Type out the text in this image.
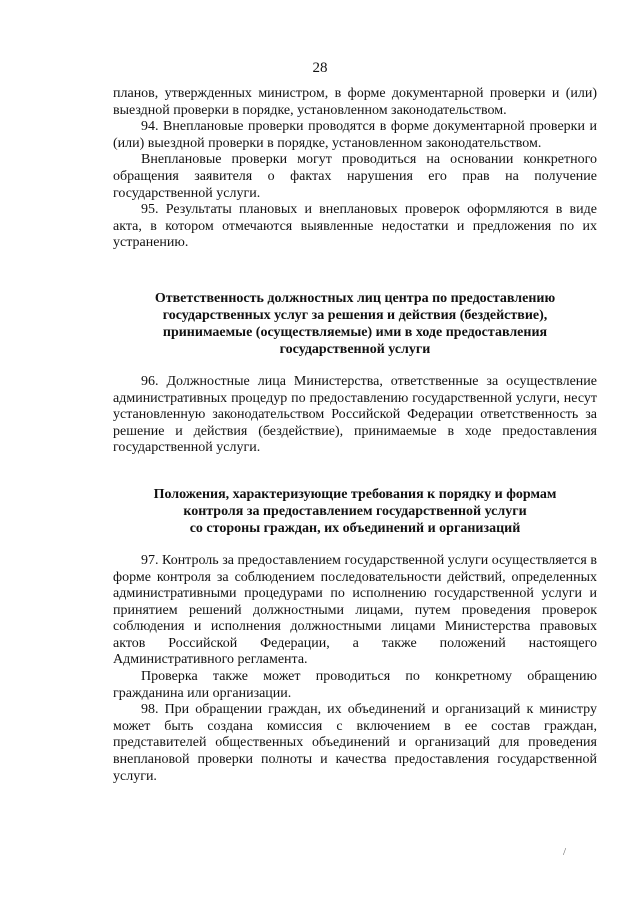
28

планов, утвержденных министром, в форме документарной проверки и (или) выездной проверки в порядке, установленном законодательством.

94. Внеплановые проверки проводятся в форме документарной проверки и (или) выездной проверки в порядке, установленном законодательством.

Внеплановые проверки могут проводиться на основании конкретного обращения заявителя о фактах нарушения его прав на получение государственной услуги.

95. Результаты плановых и внеплановых проверок оформляются в виде акта, в котором отмечаются выявленные недостатки и предложения по их устранению.

Ответственность должностных лиц центра по предоставлению
государственных услуг за решения и действия (бездействие),
принимаемые (осуществляемые) ими в ходе предоставления
государственной услуги

96. Должностные лица Министерства, ответственные за осуществление административных процедур по предоставлению государственной услуги, несут установленную законодательством Российской Федерации ответственность за решение и действия (бездействие), принимаемые в ходе предоставления государственной услуги.

Положения, характеризующие требования к порядку и формам
контроля за предоставлением государственной услуги
со стороны граждан, их объединений и организаций

97. Контроль за предоставлением государственной услуги осуществляется в форме контроля за соблюдением последовательности действий, определенных административными процедурами по исполнению государственной услуги и принятием решений должностными лицами, путем проведения проверок соблюдения и исполнения должностными лицами Министерства правовых актов Российской Федерации, а также положений настоящего Административного регламента.

Проверка также может проводиться по конкретному обращению гражданина или организации.

98. При обращении граждан, их объединений и организаций к министру может быть создана комиссия с включением в ее состав граждан, представителей общественных объединений и организаций для проведения внеплановой проверки полноты и качества предоставления государственной услуги.

/
